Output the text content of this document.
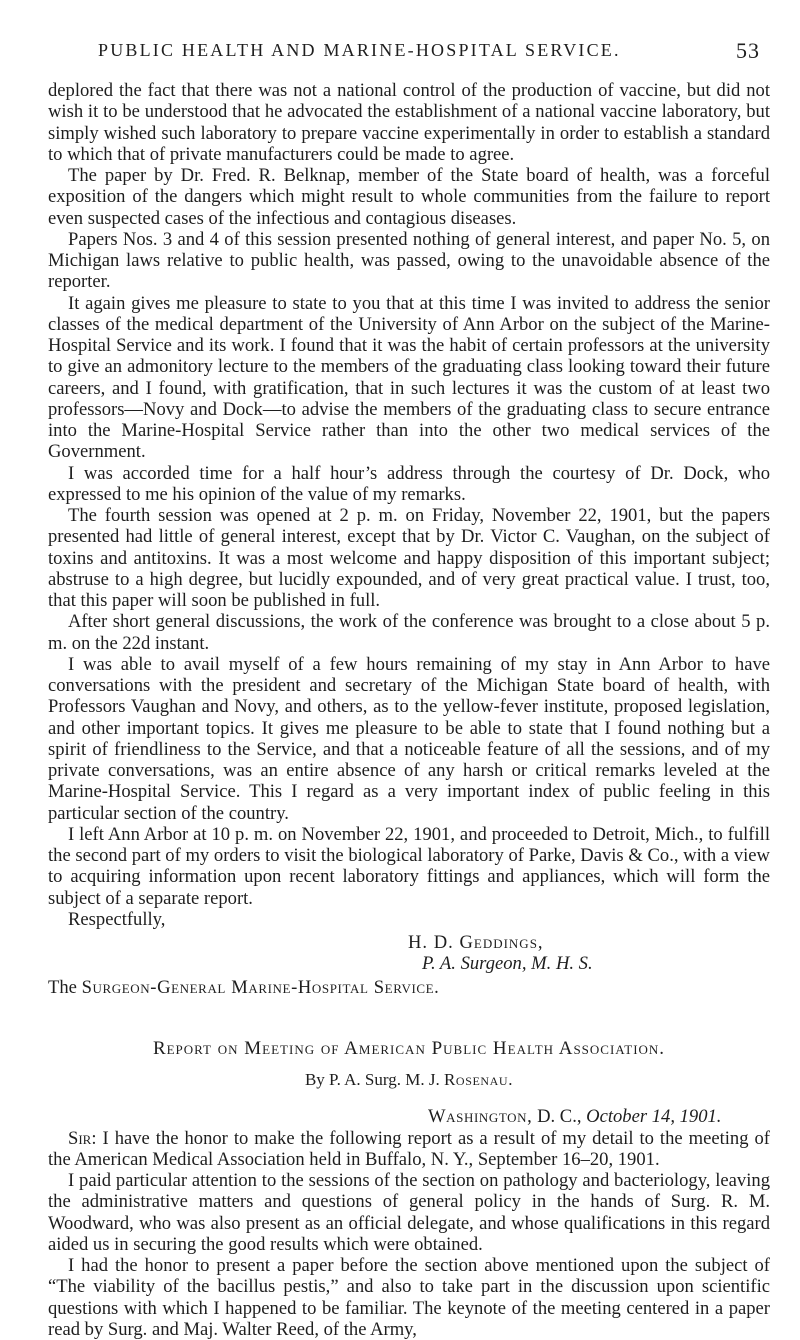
PUBLIC HEALTH AND MARINE-HOSPITAL SERVICE.	53

deplored the fact that there was not a national control of the production of vaccine, but did not wish it to be understood that he advocated the establishment of a national vaccine laboratory, but simply wished such laboratory to prepare vaccine experimentally in order to establish a standard to which that of private manufacturers could be made to agree.

The paper by Dr. Fred. R. Belknap, member of the State board of health, was a forceful exposition of the dangers which might result to whole communities from the failure to report even suspected cases of the infectious and contagious diseases.

Papers Nos. 3 and 4 of this session presented nothing of general interest, and paper No. 5, on Michigan laws relative to public health, was passed, owing to the unavoidable absence of the reporter.

It again gives me pleasure to state to you that at this time I was invited to address the senior classes of the medical department of the University of Ann Arbor on the subject of the Marine-Hospital Service and its work. I found that it was the habit of certain professors at the university to give an admonitory lecture to the members of the graduating class looking toward their future careers, and I found, with gratification, that in such lectures it was the custom of at least two professors—Novy and Dock—to advise the members of the graduating class to secure entrance into the Marine-Hospital Service rather than into the other two medical services of the Government.

I was accorded time for a half hour’s address through the courtesy of Dr. Dock, who expressed to me his opinion of the value of my remarks.

The fourth session was opened at 2 p. m. on Friday, November 22, 1901, but the papers presented had little of general interest, except that by Dr. Victor C. Vaughan, on the subject of toxins and antitoxins. It was a most welcome and happy disposition of this important subject; abstruse to a high degree, but lucidly expounded, and of very great practical value. I trust, too, that this paper will soon be published in full.

After short general discussions, the work of the conference was brought to a close about 5 p. m. on the 22d instant.

I was able to avail myself of a few hours remaining of my stay in Ann Arbor to have conversations with the president and secretary of the Michigan State board of health, with Professors Vaughan and Novy, and others, as to the yellow-fever institute, proposed legislation, and other important topics. It gives me pleasure to be able to state that I found nothing but a spirit of friendliness to the Service, and that a noticeable feature of all the sessions, and of my private conversations, was an entire absence of any harsh or critical remarks leveled at the Marine-Hospital Service. This I regard as a very important index of public feeling in this particular section of the country.

I left Ann Arbor at 10 p. m. on November 22, 1901, and proceeded to Detroit, Mich., to fulfill the second part of my orders to visit the biological laboratory of Parke, Davis & Co., with a view to acquiring information upon recent laboratory fittings and appliances, which will form the subject of a separate report.

Respectfully,

H. D. Geddings,
P. A. Surgeon, M. H. S.
The Surgeon-General Marine-Hospital Service.
Report on Meeting of American Public Health Association.
By P. A. Surg. M. J. Rosenau.
Washington, D. C., October 14, 1901.

Sir: I have the honor to make the following report as a result of my detail to the meeting of the American Medical Association held in Buffalo, N. Y., September 16–20, 1901.

I paid particular attention to the sessions of the section on pathology and bacteriology, leaving the administrative matters and questions of general policy in the hands of Surg. R. M. Woodward, who was also present as an official delegate, and whose qualifications in this regard aided us in securing the good results which were obtained.

I had the honor to present a paper before the section above mentioned upon the subject of “The viability of the bacillus pestis,” and also to take part in the discussion upon scientific questions with which I happened to be familiar. The keynote of the meeting centered in a paper read by Surg. and Maj. Walter Reed, of the Army,
